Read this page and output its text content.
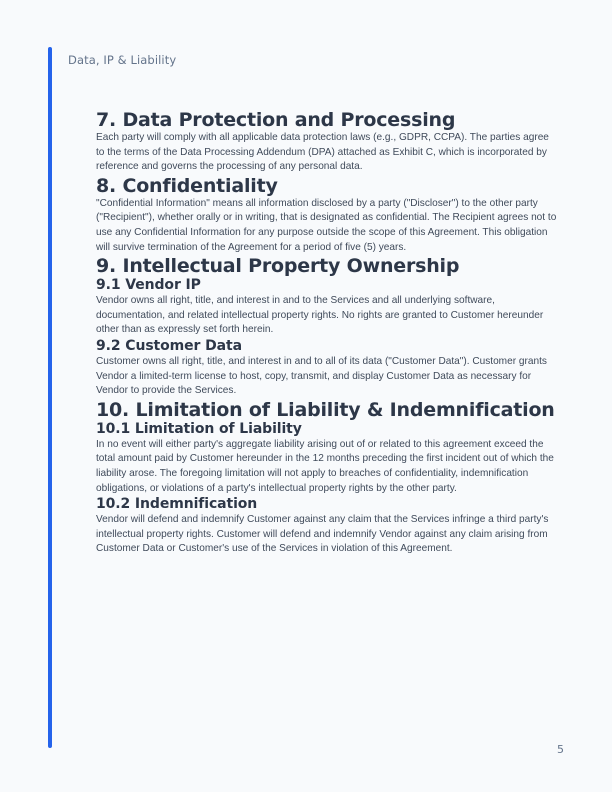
Data, IP & Liability
7. Data Protection and Processing

Each party will comply with all applicable data protection laws (e.g., GDPR, CCPA). The parties agree to the terms of the Data Processing Addendum (DPA) attached as Exhibit C, which is incorporated by reference and governs the processing of any personal data.

8. Confidentiality

"Confidential Information" means all information disclosed by a party ("Discloser") to the other party ("Recipient"), whether orally or in writing, that is designated as confidential. The Recipient agrees not to use any Confidential Information for any purpose outside the scope of this Agreement. This obligation will survive termination of the Agreement for a period of five (5) years.

9. Intellectual Property Ownership
9.1 Vendor IP

Vendor owns all right, title, and interest in and to the Services and all underlying software, documentation, and related intellectual property rights. No rights are granted to Customer hereunder other than as expressly set forth herein.

9.2 Customer Data

Customer owns all right, title, and interest in and to all of its data ("Customer Data"). Customer grants Vendor a limited-term license to host, copy, transmit, and display Customer Data as necessary for Vendor to provide the Services.

10. Limitation of Liability & Indemnification
10.1 Limitation of Liability

In no event will either party's aggregate liability arising out of or related to this agreement exceed the total amount paid by Customer hereunder in the 12 months preceding the first incident out of which the liability arose. The foregoing limitation will not apply to breaches of confidentiality, indemnification obligations, or violations of a party's intellectual property rights by the other party.

10.2 Indemnification

Vendor will defend and indemnify Customer against any claim that the Services infringe a third party's intellectual property rights. Customer will defend and indemnify Vendor against any claim arising from Customer Data or Customer's use of the Services in violation of this Agreement.

5
